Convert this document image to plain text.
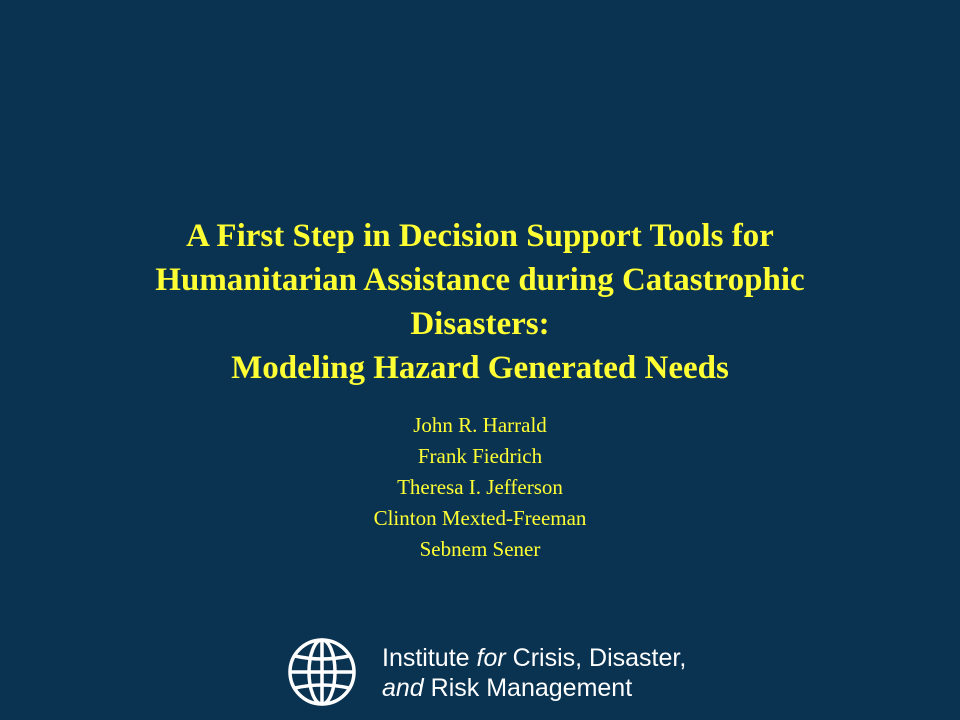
A First Step in Decision Support Tools for
Humanitarian Assistance during Catastrophic
Disasters:
Modeling Hazard Generated Needs
John R. Harrald
Frank Fiedrich
Theresa I. Jefferson
Clinton Mexted-Freeman
Sebnem Sener
Institute for Crisis, Disaster,
and Risk Management
